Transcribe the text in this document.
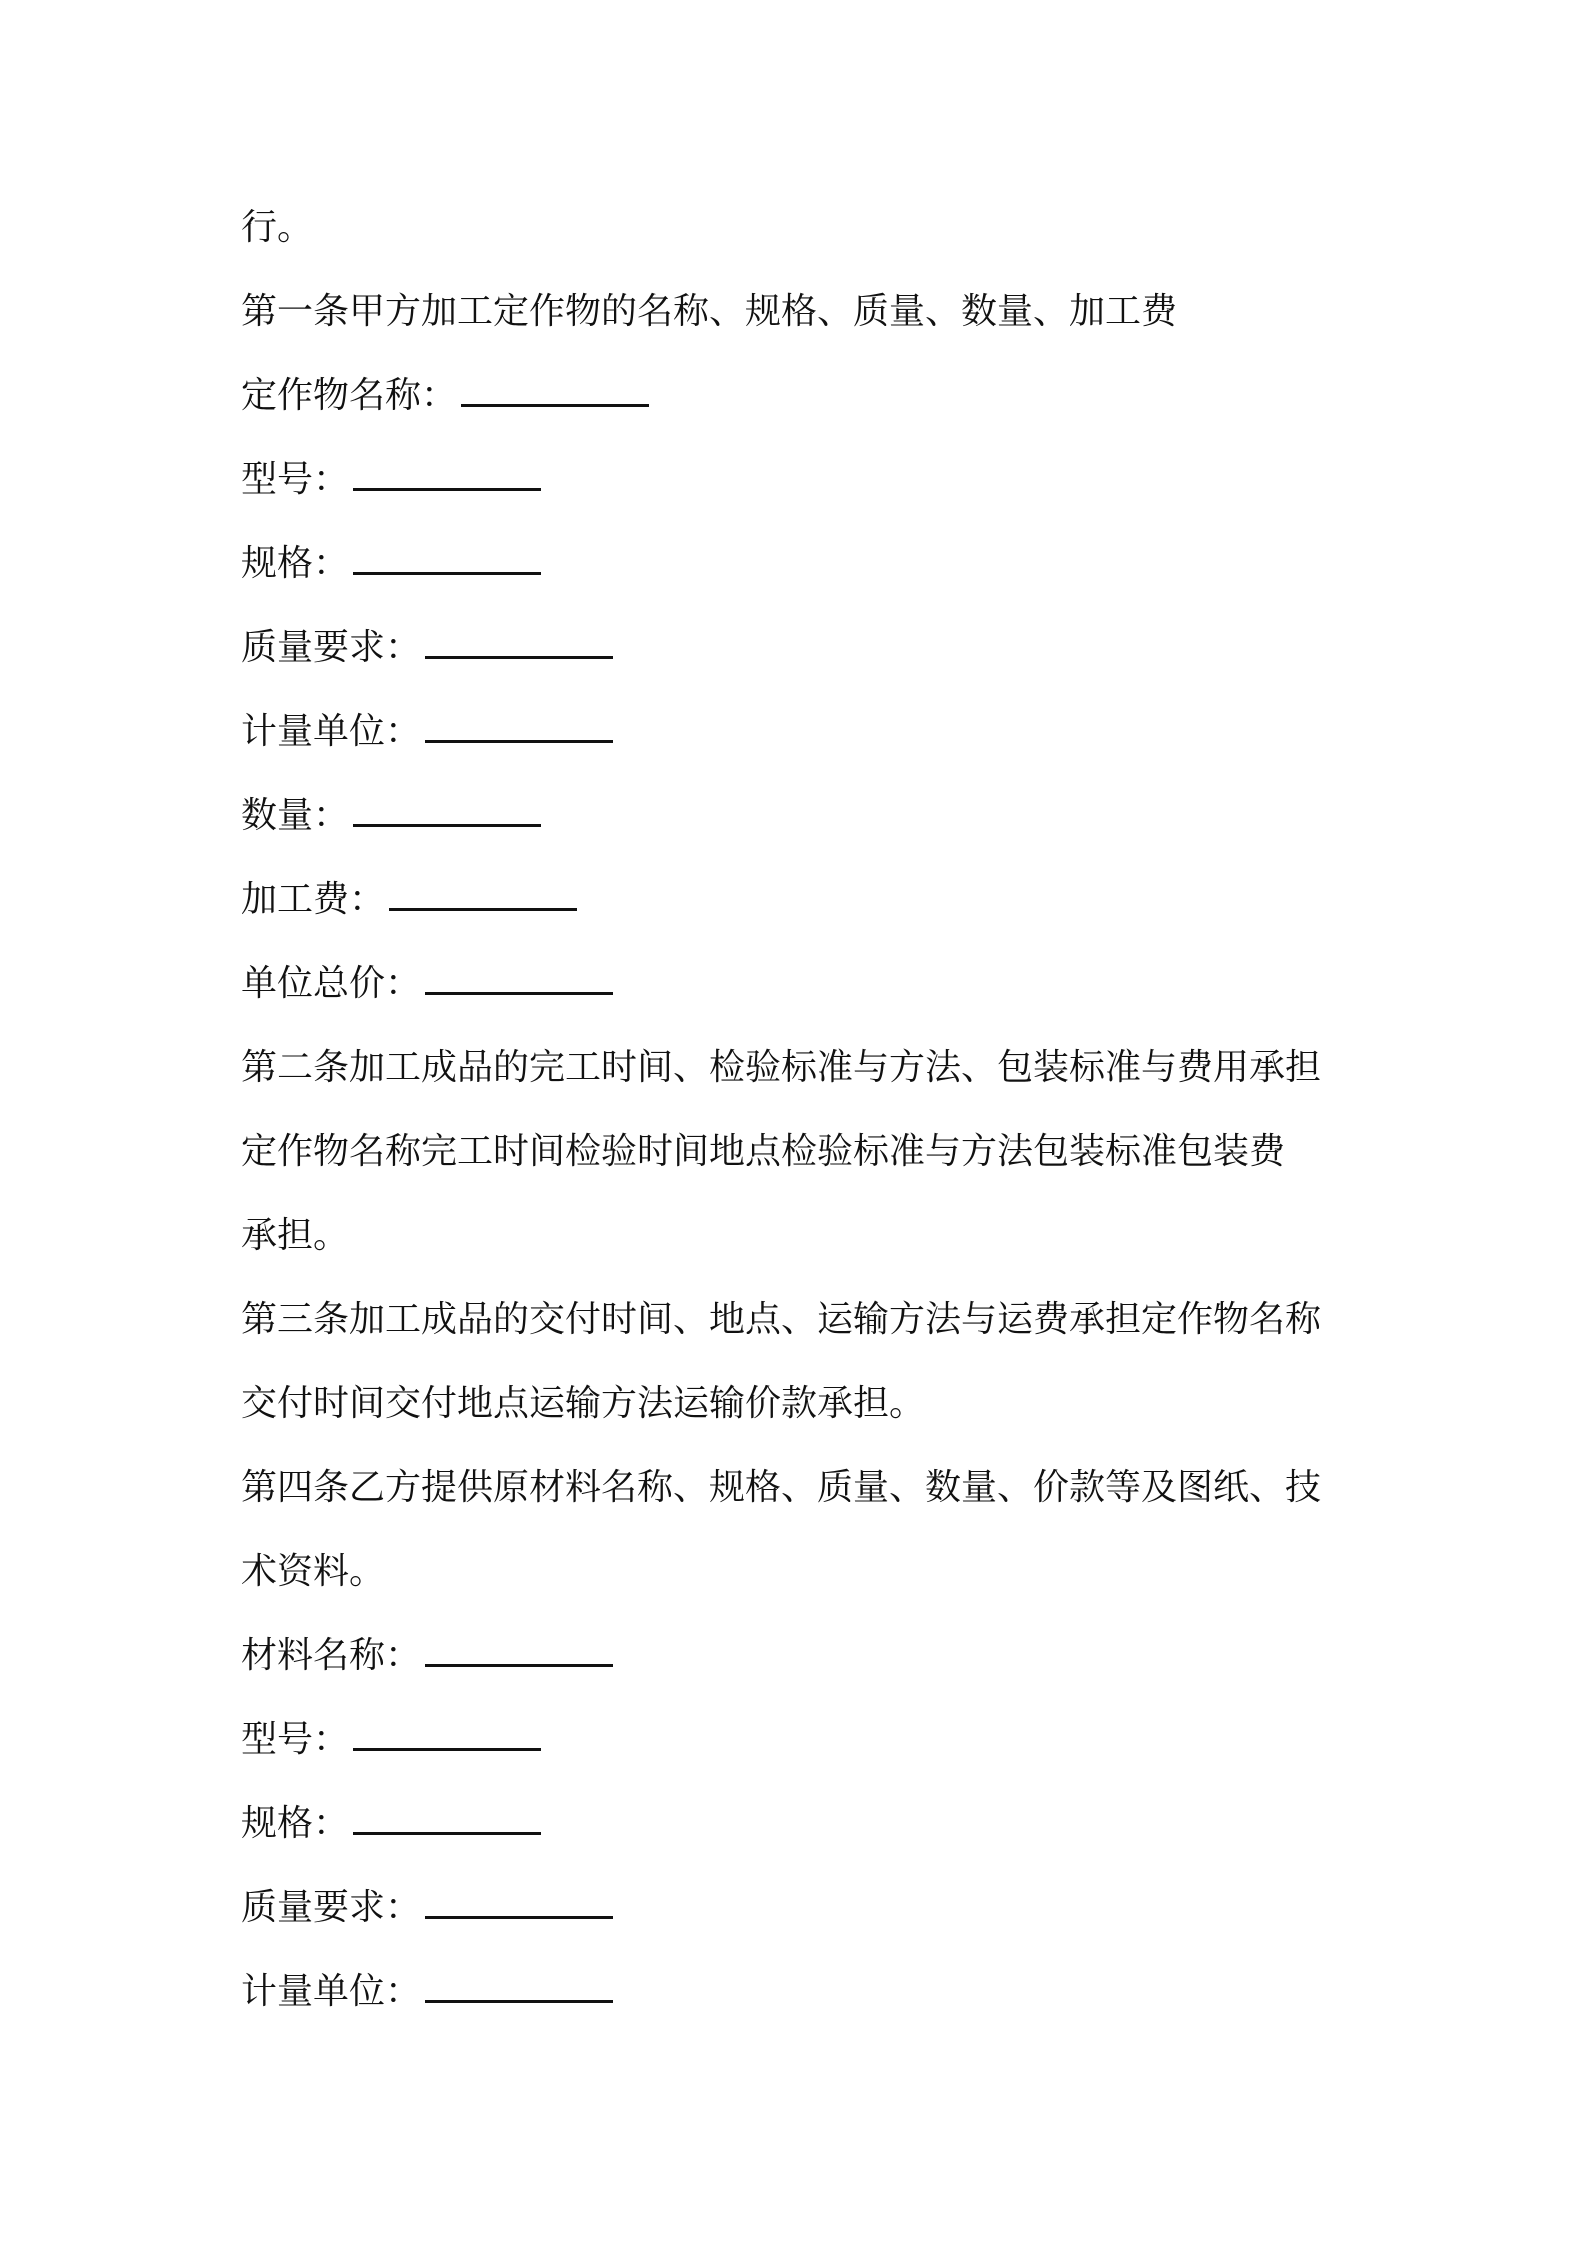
行。
第一条甲方加工定作物的名称、规格、质量、数量、加工费
定作物名称：
型号：
规格：
质量要求：
计量单位：
数量：
加工费：
单位总价：
第二条加工成品的完工时间、检验标准与方法、包装标准与费用承担
定作物名称完工时间检验时间地点检验标准与方法包装标准包装费
承担。
第三条加工成品的交付时间、地点、运输方法与运费承担定作物名称
交付时间交付地点运输方法运输价款承担。
第四条乙方提供原材料名称、规格、质量、数量、价款等及图纸、技
术资料。
材料名称：
型号：
规格：
质量要求：
计量单位：
